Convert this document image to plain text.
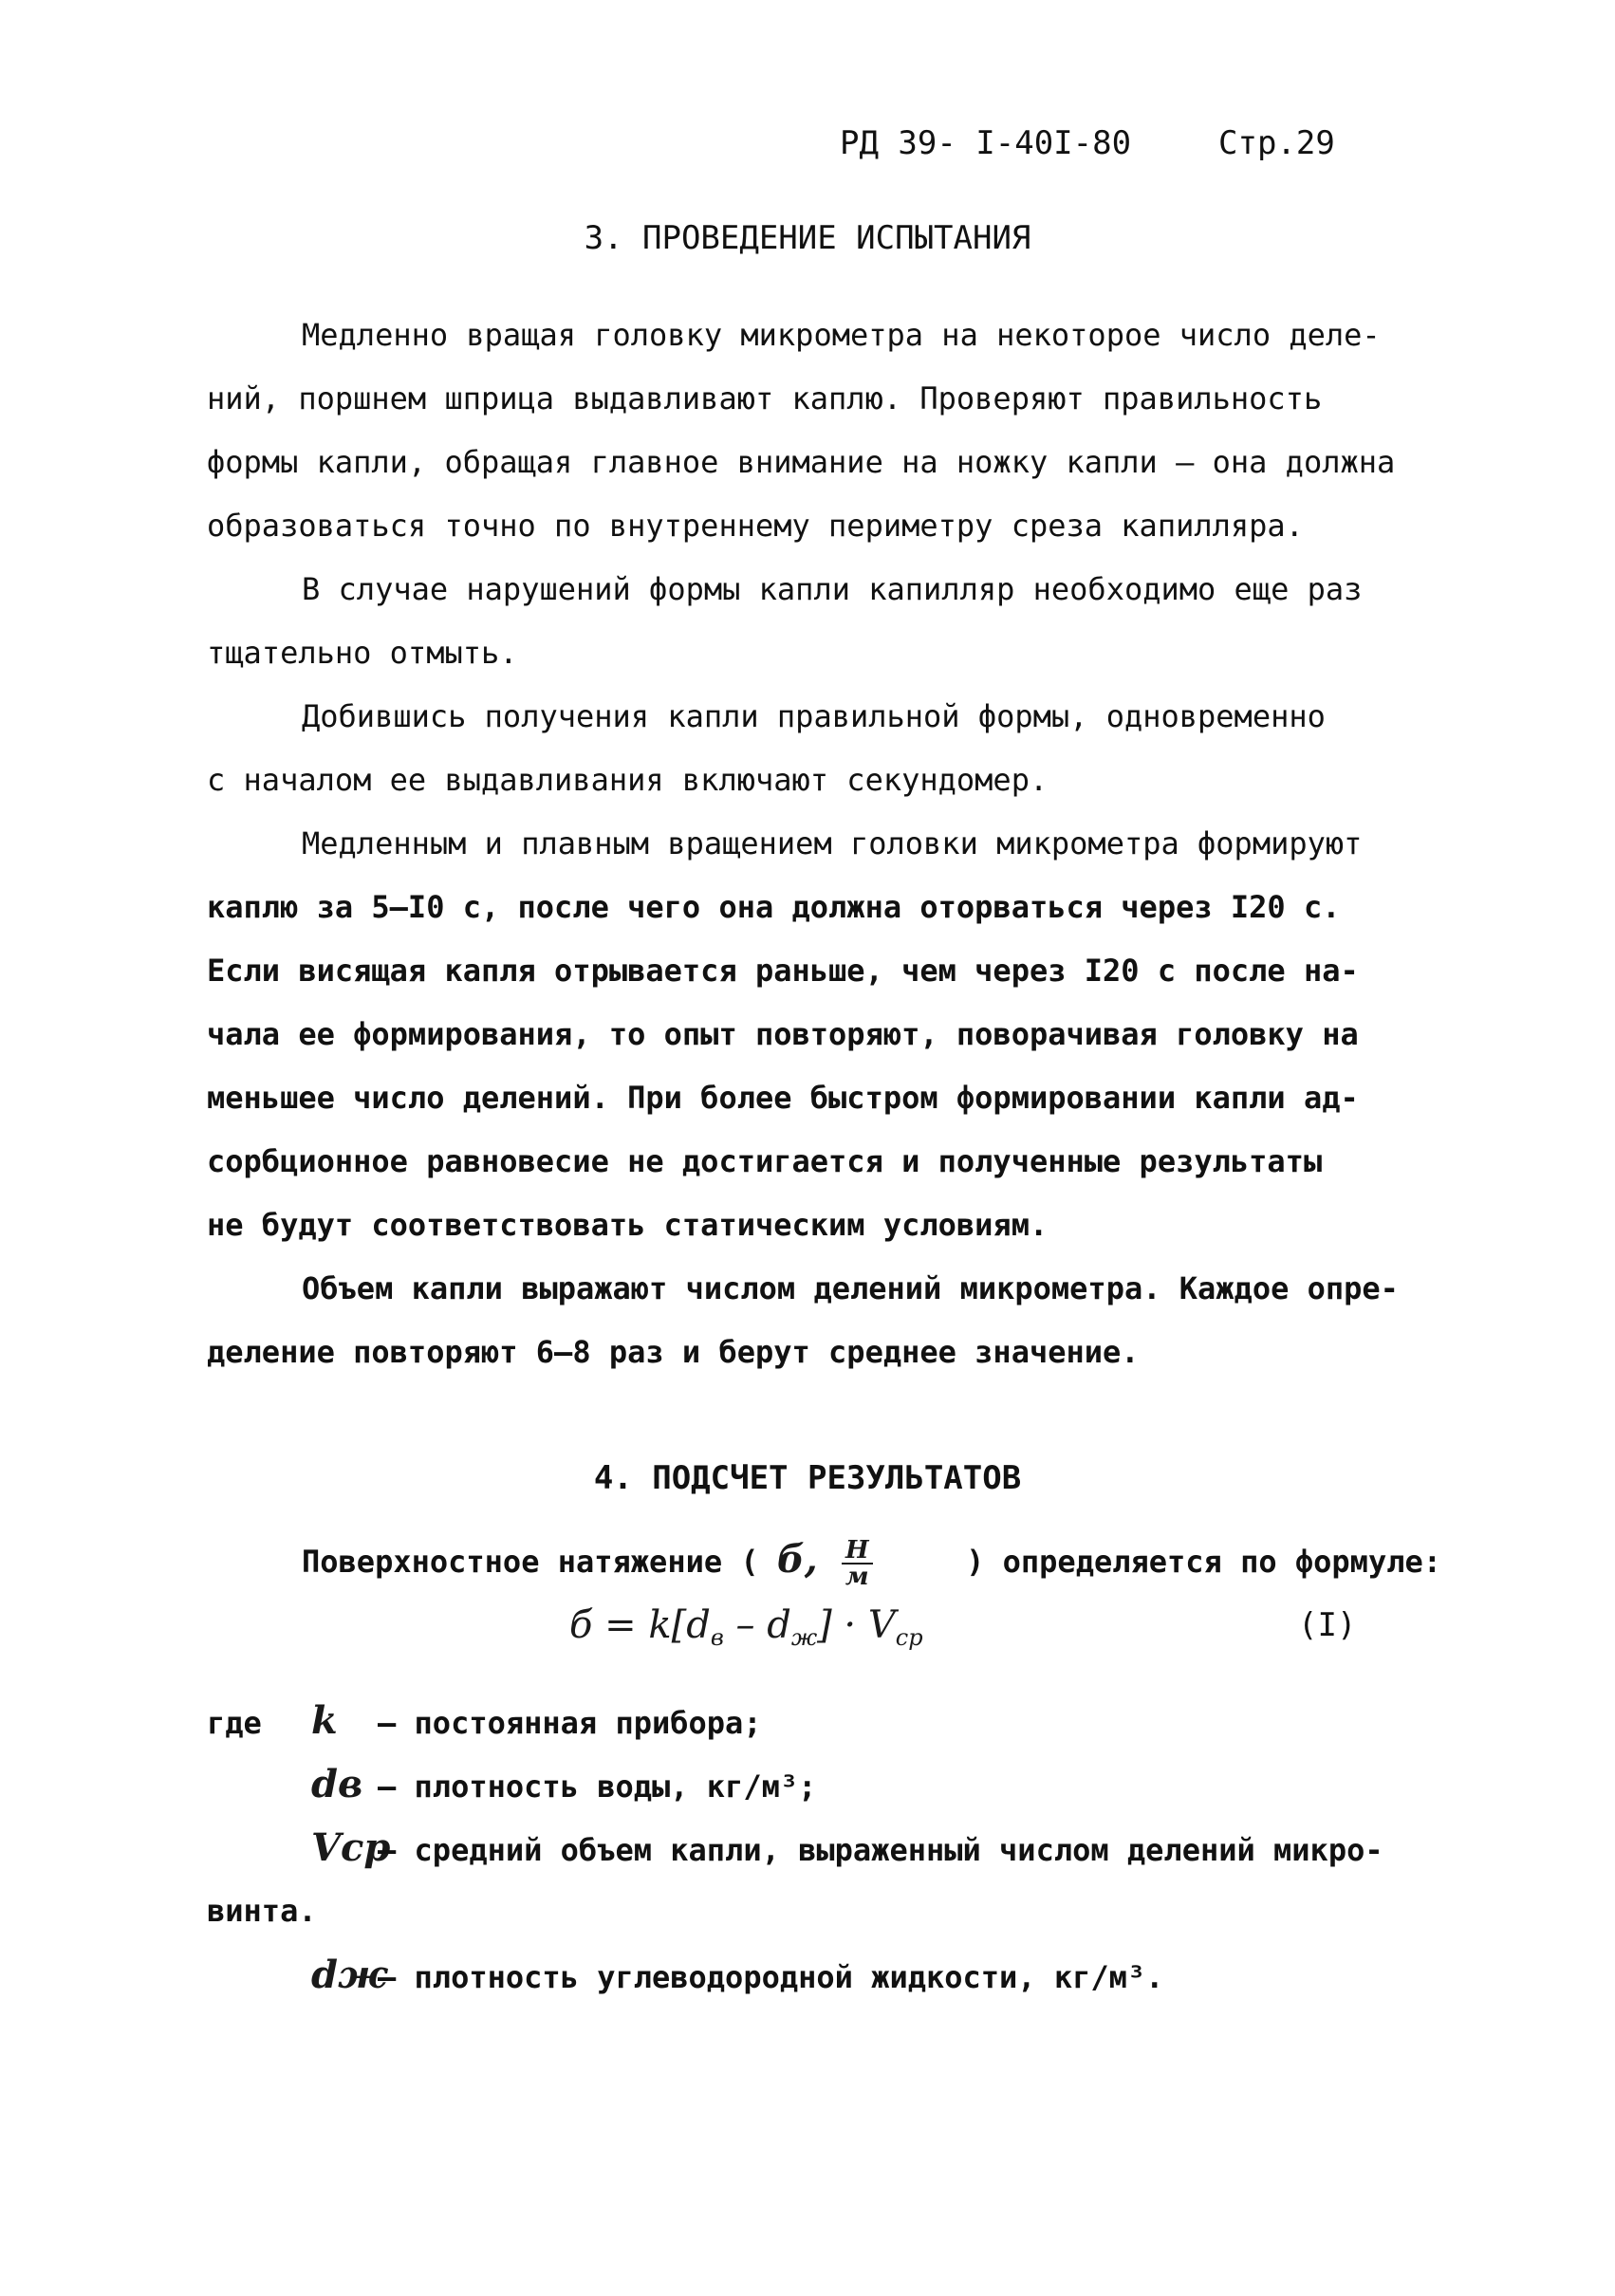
РД 39- I-40I-80	Стр.29
3. ПРОВЕДЕНИЕ ИСПЫТАНИЯ
Медленно вращая головку микрометра на некоторое число деле-
ний, поршнем шприца выдавливают каплю. Проверяют правильность
формы капли, обращая главное внимание на ножку капли – она должна
образоваться точно по внутреннему периметру среза капилляра.
В случае нарушений формы капли капилляр необходимо еще раз
тщательно отмыть.
Добившись получения капли правильной формы, одновременно
с началом ее выдавливания включают секундомер.
Медленным и плавным вращением головки микрометра формируют
каплю за 5–I0 с, после чего она должна оторваться через I20 с.
Если висящая капля отрывается раньше, чем через I20 с после на-
чала ее формирования, то опыт повторяют, поворачивая головку на
меньшее число делений. При более быстром формировании капли ад-
сорбционное равновесие не достигается и полученные результаты
не будут соответствовать статическим условиям.
Объем капли выражают числом делений микрометра. Каждое опре-
деление повторяют 6–8 раз и берут среднее значение.
4. ПОДСЧЕТ РЕЗУЛЬТАТОВ
Поверхностное натяжение ( б, $\frac{Н}{м}$	) определяется по формуле:
$б = k[d_в - d_ж] \cdot V_{ср}$	(I)
где k – постоянная прибора;
dв – плотность воды, кг/м³;
Vср– средний объем капли, выраженный числом делений микро-
винта.
dж– плотность углеводородной жидкости, кг/м³.
